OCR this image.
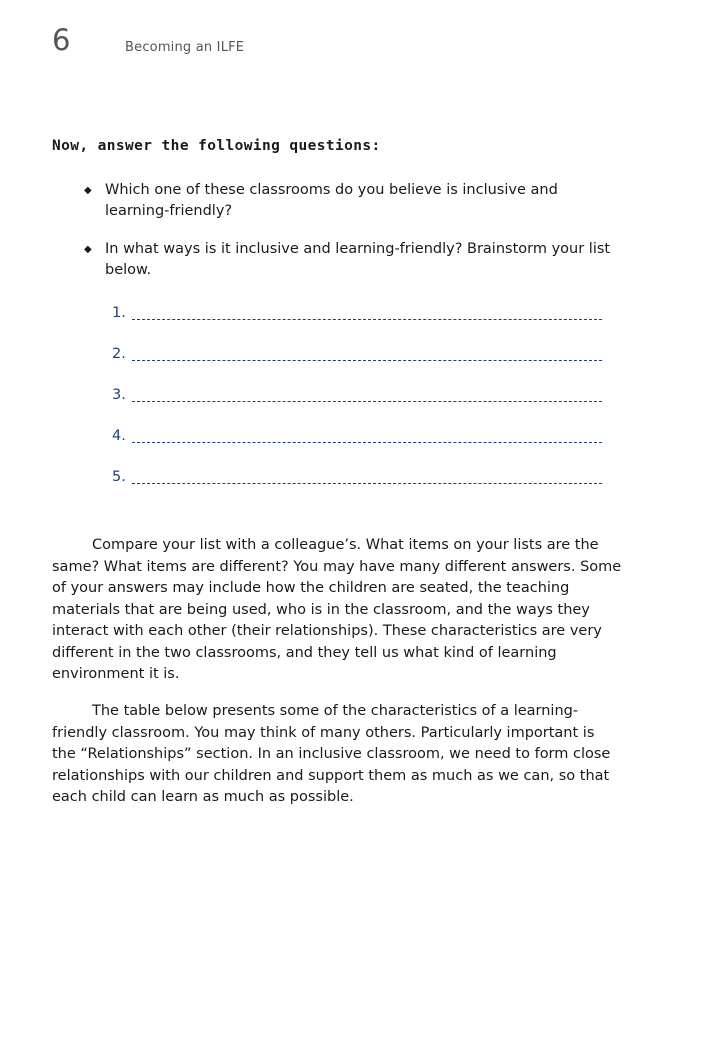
6	Becoming an ILFE
Now, answer the following questions:
◆ Which one of these classrooms do you believe is inclusive and learning-friendly?
◆ In what ways is it inclusive and learning-friendly? Brainstorm your list below.
1.
2.
3.
4.
5.
Compare your list with a colleague’s. What items on your lists are the same? What items are different? You may have many different answers. Some of your answers may include how the children are seated, the teaching materials that are being used, who is in the classroom, and the ways they interact with each other (their relationships). These characteristics are very different in the two classrooms, and they tell us what kind of learning environment it is.
The table below presents some of the characteristics of a learning-friendly classroom. You may think of many others. Particularly important is the “Relationships” section. In an inclusive classroom, we need to form close relationships with our children and support them as much as we can, so that each child can learn as much as possible.
